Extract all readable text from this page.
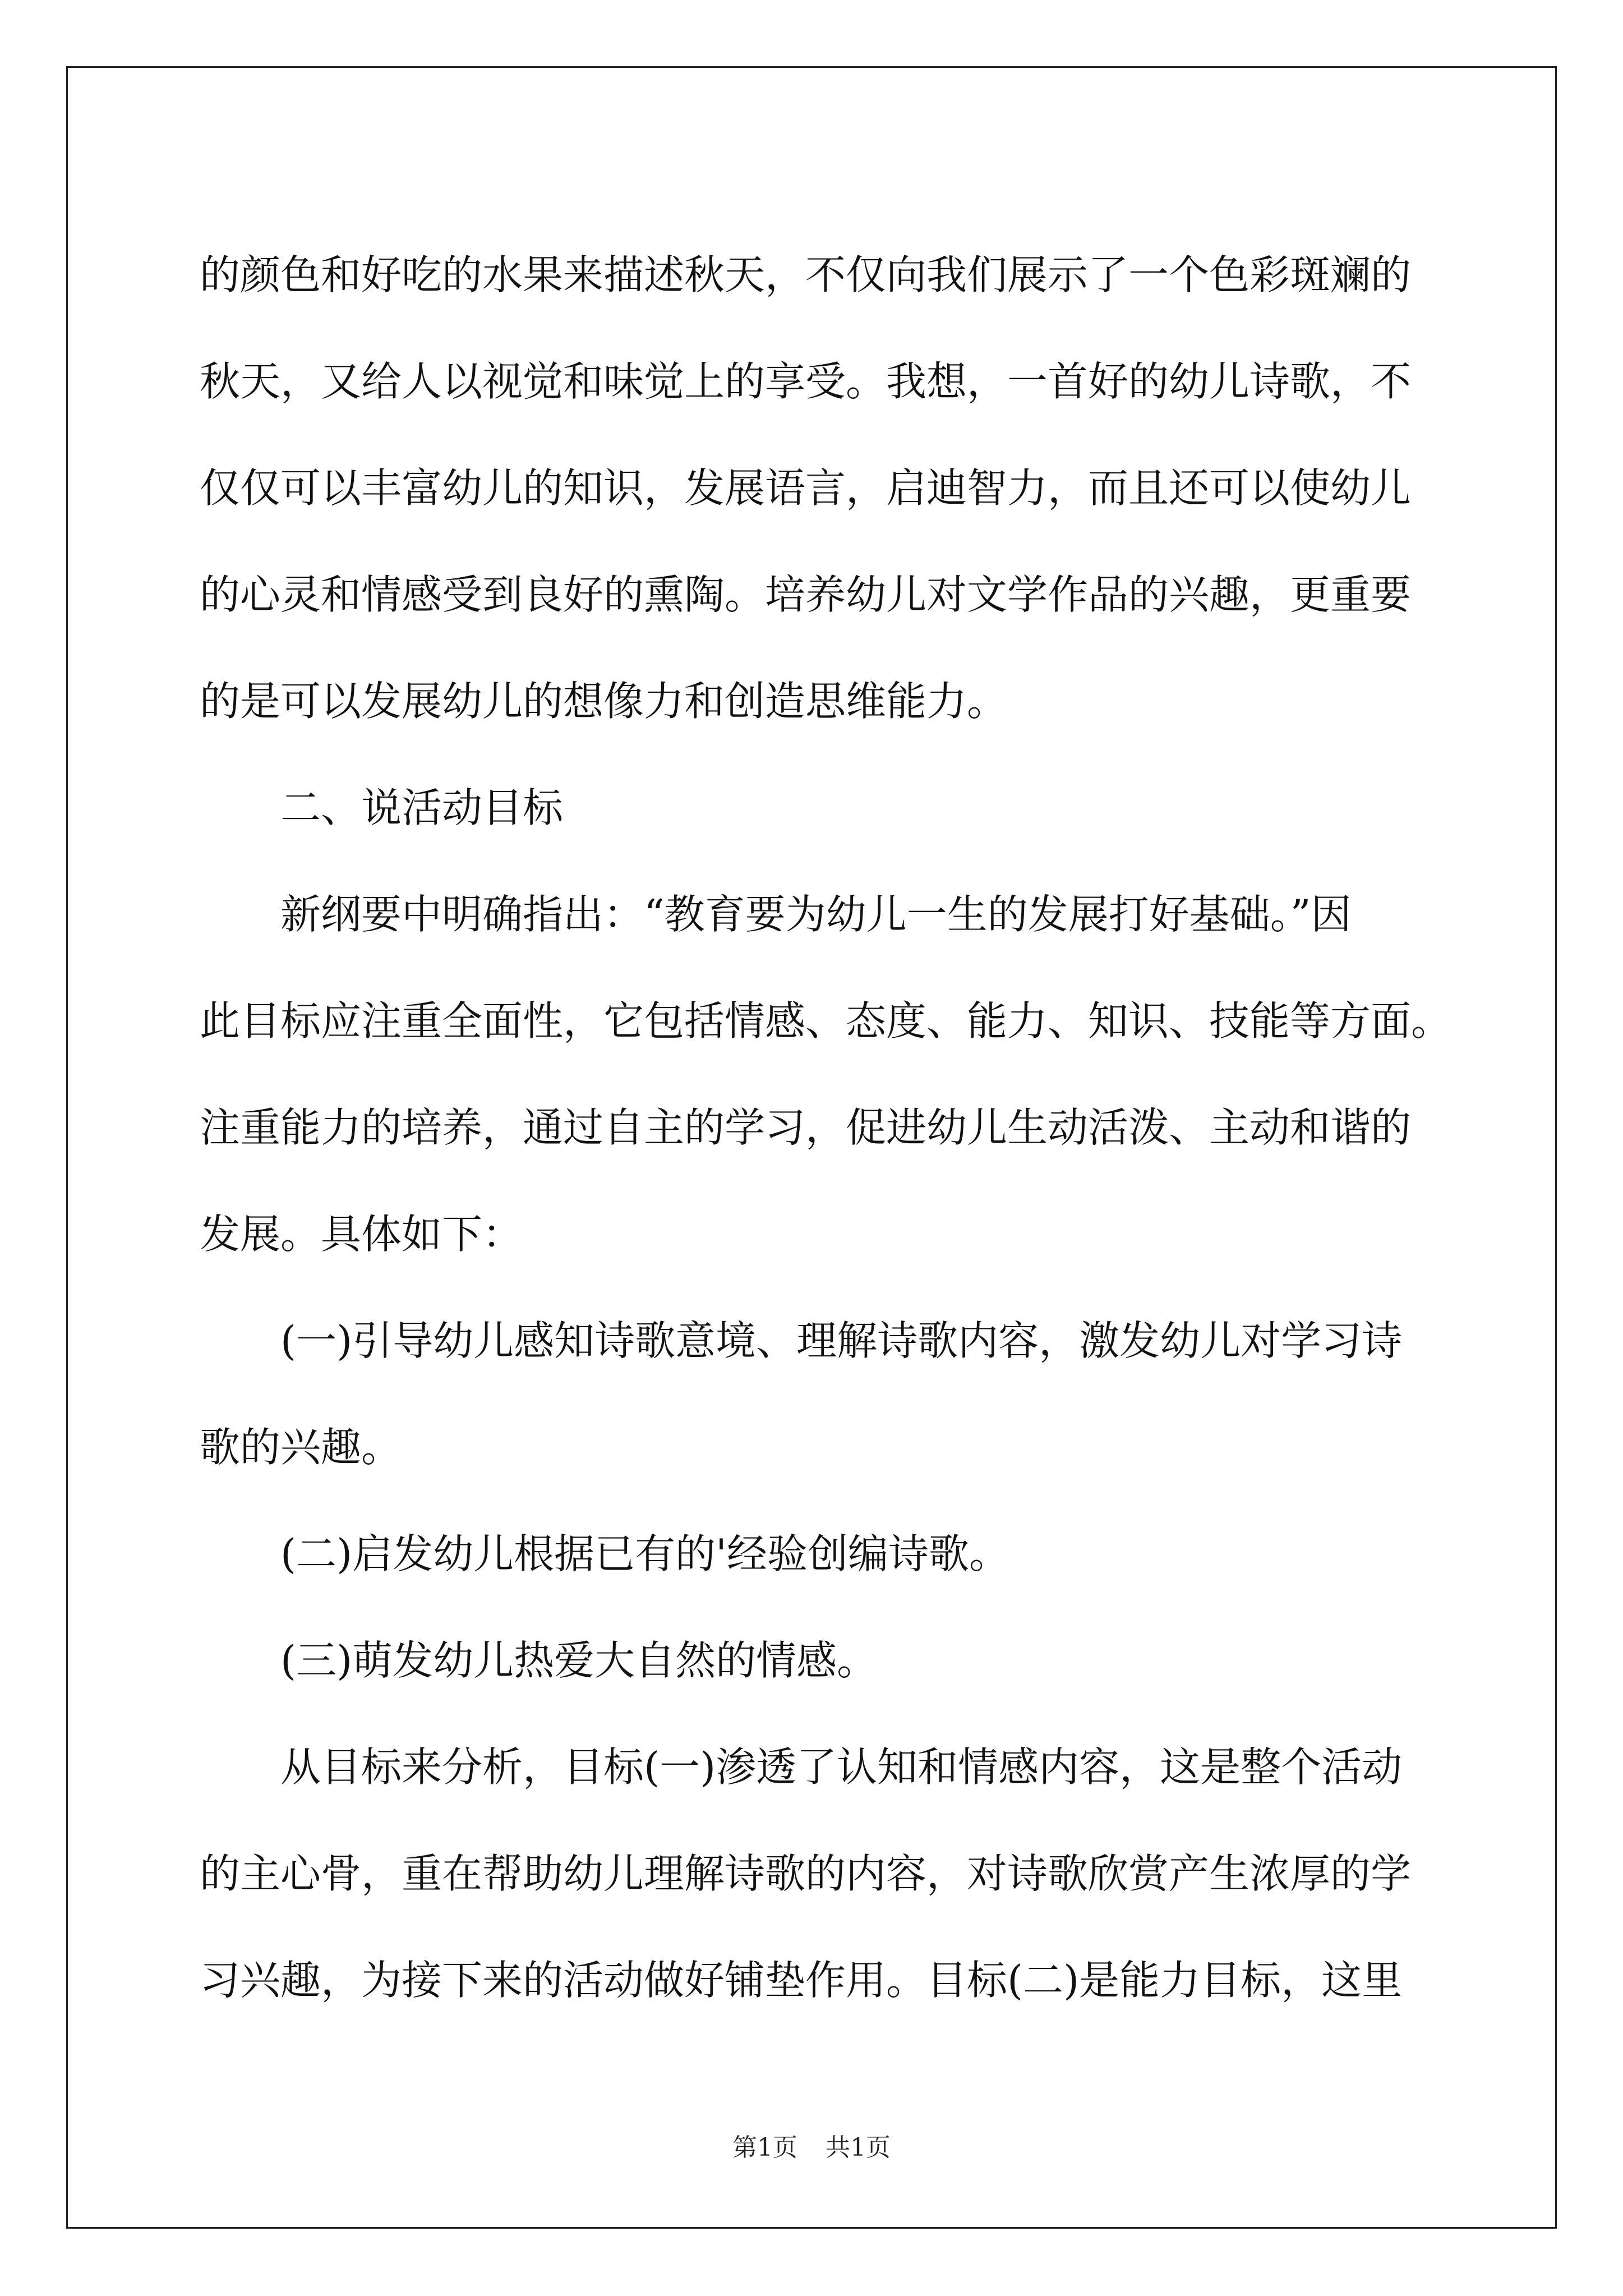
的颜色和好吃的水果来描述秋天，不仅向我们展示了一个色彩斑斓的
秋天，又给人以视觉和味觉上的享受。我想，一首好的幼儿诗歌，不
仅仅可以丰富幼儿的知识，发展语言，启迪智力，而且还可以使幼儿
的心灵和情感受到良好的熏陶。培养幼儿对文学作品的兴趣，更重要
的是可以发展幼儿的想像力和创造思维能力。
二、说活动目标
新纲要中明确指出：“教育要为幼儿一生的发展打好基础。”因
此目标应注重全面性，它包括情感、态度、能力、知识、技能等方面。
注重能力的培养，通过自主的学习，促进幼儿生动活泼、主动和谐的
发展。具体如下：
(一)引导幼儿感知诗歌意境、理解诗歌内容，激发幼儿对学习诗
歌的兴趣。
(二)启发幼儿根据已有的'经验创编诗歌。
(三)萌发幼儿热爱大自然的情感。
从目标来分析，目标(一)渗透了认知和情感内容，这是整个活动
的主心骨，重在帮助幼儿理解诗歌的内容，对诗歌欣赏产生浓厚的学
习兴趣，为接下来的活动做好铺垫作用。目标(二)是能力目标，这里
第1页 共1页
